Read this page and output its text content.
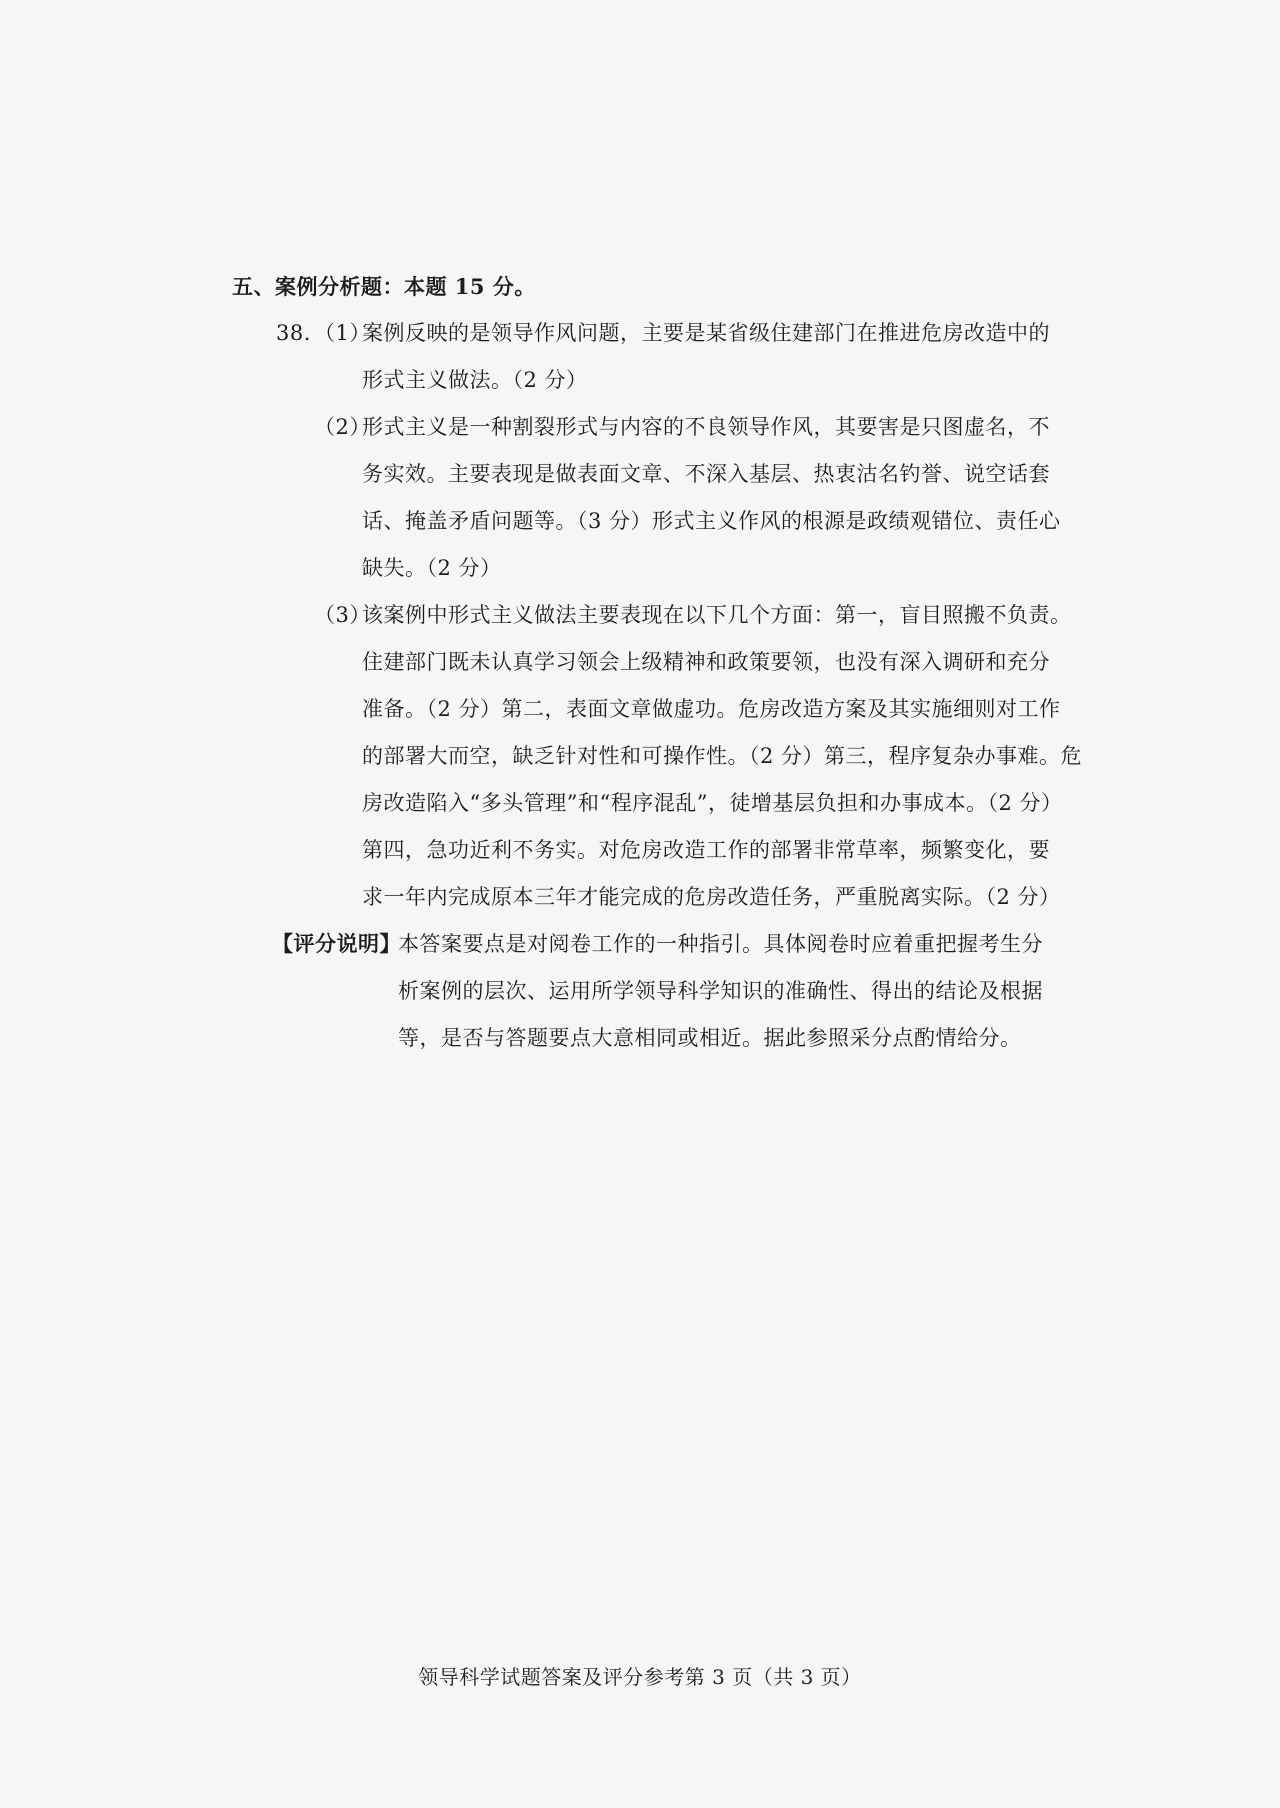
五、案例分析题：本题 15 分。
38. （1）
案例反映的是领导作风问题，主要是某省级住建部门在推进危房改造中的
形式主义做法。（2 分）
（2）
形式主义是一种割裂形式与内容的不良领导作风，其要害是只图虚名，不
务实效。主要表现是做表面文章、不深入基层、热衷沽名钓誉、说空话套
话、掩盖矛盾问题等。（3 分）形式主义作风的根源是政绩观错位、责任心
缺失。（2 分）
（3）
该案例中形式主义做法主要表现在以下几个方面：第一，盲目照搬不负责。
住建部门既未认真学习领会上级精神和政策要领，也没有深入调研和充分
准备。（2 分）第二，表面文章做虚功。危房改造方案及其实施细则对工作
的部署大而空，缺乏针对性和可操作性。（2 分）第三，程序复杂办事难。危
房改造陷入“多头管理”和“程序混乱”，徒增基层负担和办事成本。（2 分）
第四，急功近利不务实。对危房改造工作的部署非常草率，频繁变化，要
求一年内完成原本三年才能完成的危房改造任务，严重脱离实际。（2 分）
【评分说明】
本答案要点是对阅卷工作的一种指引。具体阅卷时应着重把握考生分
析案例的层次、运用所学领导科学知识的准确性、得出的结论及根据
等，是否与答题要点大意相同或相近。据此参照采分点酌情给分。
领导科学试题答案及评分参考第 3 页（共 3 页）
